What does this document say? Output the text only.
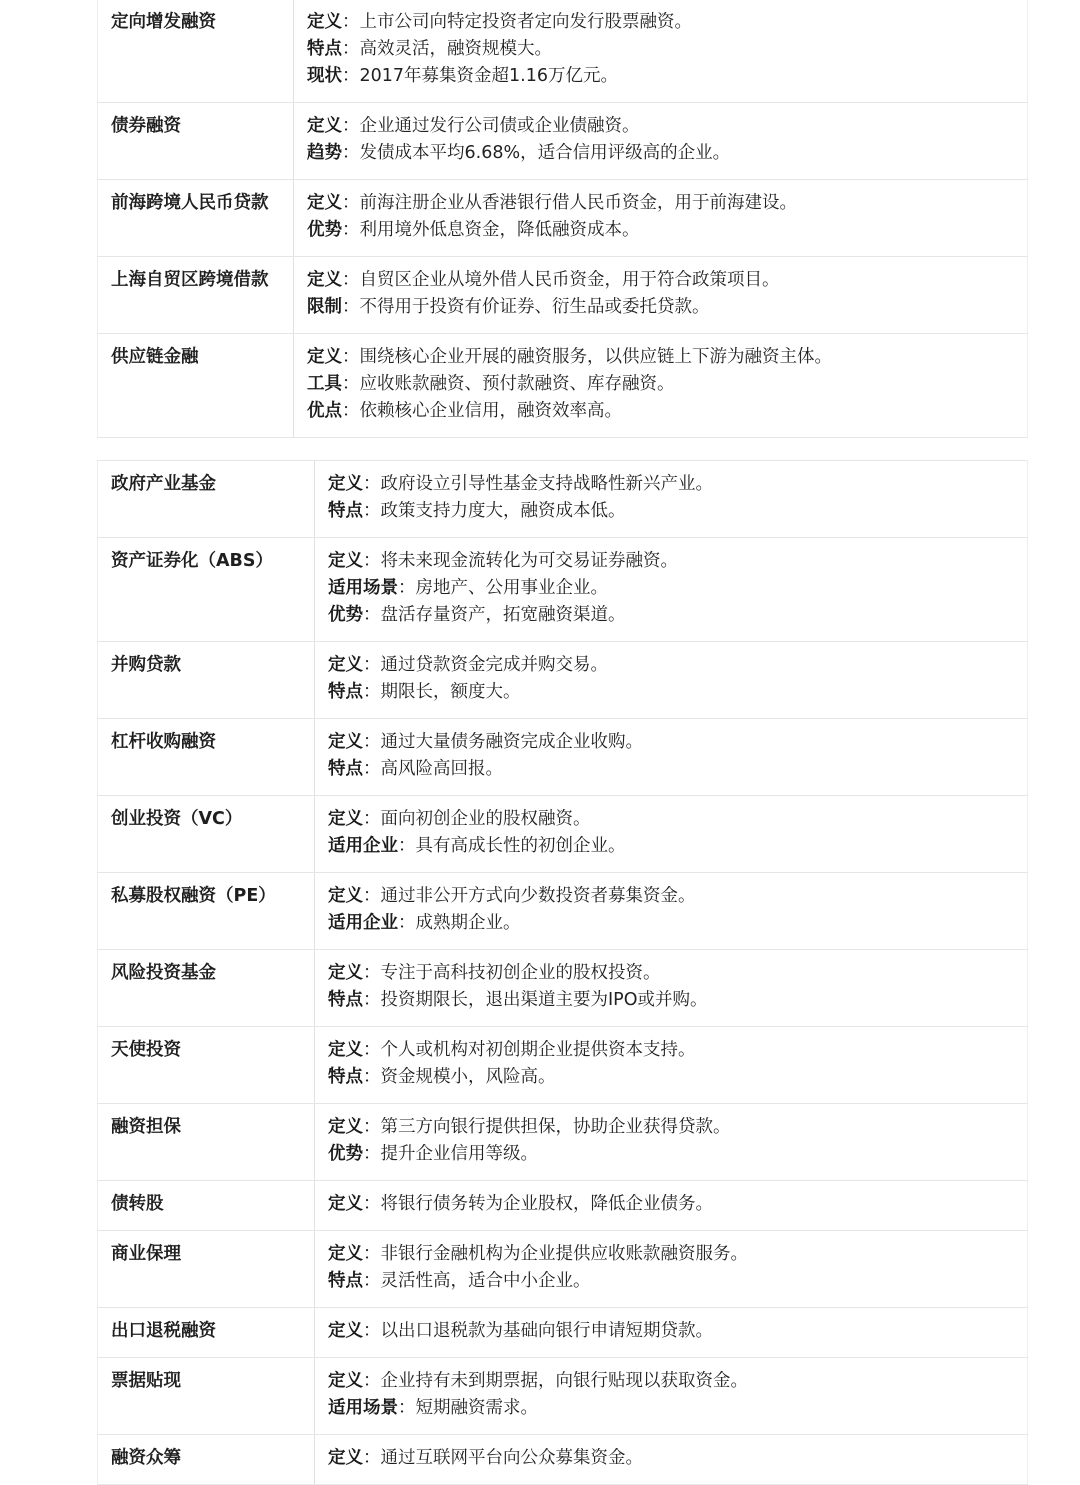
定向增发融资	定义：上市公司向特定投资者定向发行股票融资。
特点：高效灵活，融资规模大。
现状：2017年募集资金超1.16万亿元。

债券融资	定义：企业通过发行公司债或企业债融资。
趋势：发债成本平均6.68%，适合信用评级高的企业。

前海跨境人民币贷款	定义：前海注册企业从香港银行借人民币资金，用于前海建设。
优势：利用境外低息资金，降低融资成本。

上海自贸区跨境借款	定义：自贸区企业从境外借人民币资金，用于符合政策项目。
限制：不得用于投资有价证券、衍生品或委托贷款。

供应链金融	定义：围绕核心企业开展的融资服务，以供应链上下游为融资主体。
工具：应收账款融资、预付款融资、库存融资。
优点：依赖核心企业信用，融资效率高。
政府产业基金	定义：政府设立引导性基金支持战略性新兴产业。
特点：政策支持力度大，融资成本低。

资产证券化（ABS）	定义：将未来现金流转化为可交易证券融资。
适用场景：房地产、公用事业企业。
优势：盘活存量资产，拓宽融资渠道。

并购贷款	定义：通过贷款资金完成并购交易。
特点：期限长，额度大。

杠杆收购融资	定义：通过大量债务融资完成企业收购。
特点：高风险高回报。

创业投资（VC）	定义：面向初创企业的股权融资。
适用企业：具有高成长性的初创企业。

私募股权融资（PE）	定义：通过非公开方式向少数投资者募集资金。
适用企业：成熟期企业。

风险投资基金	定义：专注于高科技初创企业的股权投资。
特点：投资期限长，退出渠道主要为IPO或并购。

天使投资	定义：个人或机构对初创期企业提供资本支持。
特点：资金规模小，风险高。

融资担保	定义：第三方向银行提供担保，协助企业获得贷款。
优势：提升企业信用等级。

债转股	定义：将银行债务转为企业股权，降低企业债务。

商业保理	定义：非银行金融机构为企业提供应收账款融资服务。
特点：灵活性高，适合中小企业。

出口退税融资	定义：以出口退税款为基础向银行申请短期贷款。

票据贴现	定义：企业持有未到期票据，向银行贴现以获取资金。
适用场景：短期融资需求。

融资众筹	定义：通过互联网平台向公众募集资金。
